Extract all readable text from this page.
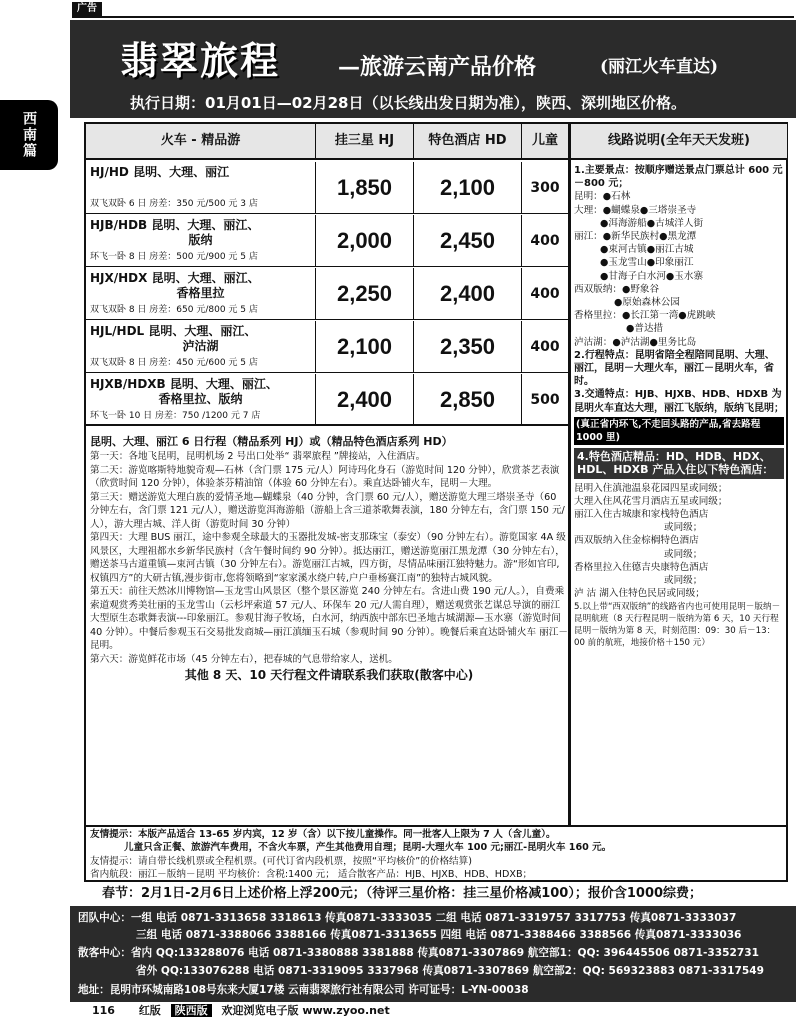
广告
翡翠旅程	—旅游云南产品价格	(丽江火车直达)
执行日期：01月01日—02月28日（以长线出发日期为准），陕西、深圳地区价格。
西南篇	火车 - 精品游	挂三星 HJ	特色酒店 HD	儿童
HJ/HD 昆明、大理、丽江
双飞双卧 6 日 房差：350 元/500 元 3 店
1,850	2,100	300
HJB/HDB 昆明、大理、丽江、
版纳
环飞一卧 8 日 房差：500 元/900 元 5 店
2,000	2,450	400
HJX/HDX 昆明、大理、丽江、
香格里拉
双飞双卧 8 日 房差：650 元/800 元 5 店
2,250	2,400	400
HJL/HDL 昆明、大理、丽江、
泸沽湖
双飞双卧 8 日 房差：450 元/600 元 5 店
2,100	2,350	400
HJXB/HDXB 昆明、大理、丽江、
香格里拉、版纳
环飞一卧 10 日 房差：750 /1200 元 7 店
2,400	2,850	500
昆明、大理、丽江 6 日行程（精品系列 HJ）或（精品特色酒店系列 HD）
第一天：各地飞昆明，昆明机场 2 号出口处举“ 翡翠旅程 ”牌接站，入住酒店。
第二天：游览喀斯特地貌奇观—石林（含门票 175 元/人）阿诗玛化身石（游览时间 120 分钟），欣赏茶艺表演（欣赏时间 120 分钟），体验茶芬精油馆（体验 60 分钟左右）。乘直达卧铺火车，昆明－大理。
第三天：赠送游览大理白族的爱情圣地—蝴蝶泉（40 分钟，含门票 60 元/人），赠送游览大理三塔崇圣寺（60 分钟左右，含门票 121 元/人），赠送游览洱海游船（游船上含三道茶歌舞表演，180 分钟左右，含门票 150 元/人），游大理古城、洋人街（游览时间 30 分钟）
第四天：大理 BUS 丽江，途中参观全球最大的玉器批发城-密支那珠宝（泰安）（90 分钟左右）。游览国家 4A 级风景区，大理祖都水乡新华民族村（含午餐时间约 90 分钟）。抵达丽江，赠送游览丽江黑龙潭（30 分钟左右），赠送茶马古道重镇—束河古镇（30 分钟左右）。游览丽江古城，四方街，尽情品味丽江独特魅力。游“形如官印,权镇四方”的大研古镇,漫步街市,您将领略到“家家溪水绕户转,户户垂杨赛江南”的独特古城风貌。
第五天：前往天然冰川博物馆—玉龙雪山风景区（整个景区游览 240 分钟左右。含进山费 190 元/人。），自费乘索道观赏秀美壮丽的玉龙雪山（云杉坪索道 57 元/人、环保车 20 元/人需自理），赠送观赏张艺谋总导演的丽江大型原生态歌舞表演---印象丽江。参观甘海子牧场，白水河，纳西族中部东巴圣地古城湖源—玉水寨（游览时间 40 分钟）。中餐后参观玉石交易批发商城—丽江滇缅玉石城（参观时间 90 分钟）。晚餐后乘直达卧铺火车 丽江－昆明。
第六天：游览鲜花市场（45 分钟左右），把春城的气息带给家人，送机。
其他 8 天、10 天行程文件请联系我们获取(散客中心)
线路说明(全年天天发班)
1.主要景点：按顺序赠送景点门票总计 600 元－800 元；
昆明：●石林
大理：●蝴蝶泉●三塔崇圣寺
●洱海游船●古城洋人街
丽江：●新华民族村●黑龙潭
●束河古镇●丽江古城
●玉龙雪山●印象丽江
●甘海子白水河●玉水寨
西双版纳：●野象谷
●原始森林公园
香格里拉：●长江第一湾●虎跳峡
●普达措
泸沽湖：●泸沽湖●里务比岛
2.行程特点：昆明省陪全程陪同昆明、大理、丽江，昆明－大理火车，丽江－昆明火车，省时。
3.交通特点：HJB、HJXB、HDB、HDXB 为昆明火车直达大理，丽江飞版纳，版纳飞昆明；
(真正省内环飞,不走回头路的产品,省去路程 1000 里)
4.特色酒店精品：HD、HDB、HDX、HDL、HDXB 产品入住以下特色酒店：
昆明入住滇池温泉花园四星或同级；
大理入住风花雪月酒店五星或同级；
丽江入住古城康和家栈特色酒店
或同级；
西双版纳入住金棕榈特色酒店
或同级；
香格里拉入住德吉央康特色酒店
或同级；
泸 沽 湖入住特色民居或同级；
5.以上带“西双版纳”的线路省内也可使用昆明－版纳－昆明航班（8 天行程昆明－版纳为第 6 天，10 天行程昆明－版纳为第 8 天，时刻范围：09：30 后－13：00 前的航班，地接价格＋150 元）
友情提示：本版产品适合 13-65 岁内宾，12 岁（含）以下按儿童操作。同一批客人上限为 7 人（含儿童）。
儿童只含正餐、旅游汽车费用，不含火车票，产生其他费用自理；昆明-大理火车 100 元;丽江-昆明火车 160 元。
友情提示：请自带长线机票或全程机票。(可代订省内段机票，按照“平均核价”的价格结算)
省内航段：丽江－版纳－昆明 平均核价：含税:1400 元； 适合散客产品：HJB、HJXB、HDB、HDXB；
春节：2月1日-2月6日上述价格上浮200元；（待评三星价格：挂三星价格减100）；报价含1000综费；
团队中心：一组 电话 0871-3313658 3318613 传真0871-3333035 二组 电话 0871-3319757 3317753 传真0871-3333037
三组 电话 0871-3388066 3388166 传真0871-3313655 四组 电话 0871-3388466 3388566 传真0871-3333036
散客中心：省内 QQ:133288076 电话 0871-3380888 3381888 传真0871-3307869 航空部1：QQ: 396445506 0871-3352731
省外 QQ:133076288 电话 0871-3319095 3337968 传真0871-3307869 航空部2：QQ: 569323883 0871-3317549
地址：昆明市环城南路108号东来大厦17楼 云南翡翠旅行社有限公司 许可证号：L-YN-00038
116 红版 陕西版 欢迎浏览电子版 www.zyoo.net
